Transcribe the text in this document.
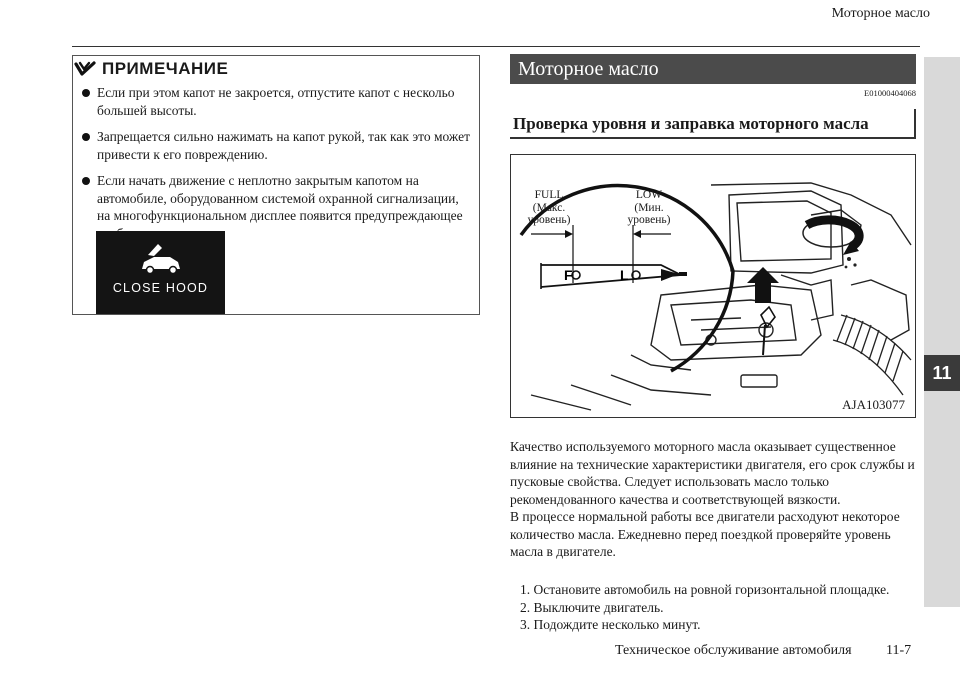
Моторное масло
11
ПРИМЕЧАНИЕ
Если при этом капот не закроется, отпустите капот с нескольо большей высоты.
Запрещается сильно нажимать на капот рукой, так как это может привести к его повреждению.
Если начать движение с неплотно закрытым капотом на автомобиле, оборудованном системой охранной сигнализации, на многофункциональном дисплее появится предупреждающее
CLOSE HOOD
Моторное масло
E01000404068
Проверка уровня и заправка моторного масла
F	L
FULL
(Макс.
уровень)
LOW
(Мин.
уровень)
AJA103077
Качество используемого моторного масла оказывает существенное влияние на технические характеристики двигателя, его срок службы и пусковые свойства. Следует использовать масло только рекомендованного качества и соответствующей вязкости.
В процессе нормальной работы все двигатели расходуют некоторое количество масла. Ежедневно перед поездкой проверяйте уровень масла в двигателе.
1. Остановите автомобиль на ровной горизонтальной площадке.
2. Выключите двигатель.
3. Подождите несколько минут.
Техническое обслуживание автомобиля 11-7
